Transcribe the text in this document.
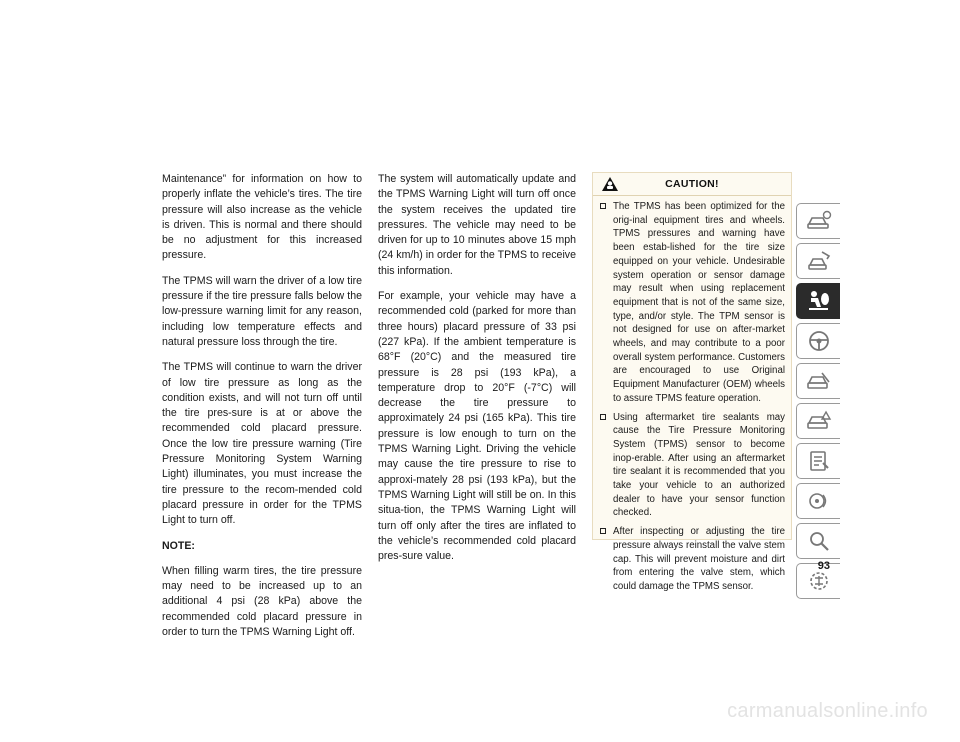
Maintenance” for information on how to properly inflate the vehicle’s tires. The tire pressure will also increase as the vehicle is driven. This is normal and there should be no adjustment for this increased pressure.

The TPMS will warn the driver of a low tire pressure if the tire pressure falls below the low-pressure warning limit for any reason, including low temperature effects and natural pressure loss through the tire.

The TPMS will continue to warn the driver of low tire pressure as long as the condition exists, and will not turn off until the tire pres-sure is at or above the recommended cold placard pressure. Once the low tire pressure warning (Tire Pressure Monitoring System Warning Light) illuminates, you must increase the tire pressure to the recom-mended cold placard pressure in order for the TPMS Light to turn off.

NOTE:

When filling warm tires, the tire pressure may need to be increased up to an additional 4 psi (28 kPa) above the recommended cold placard pressure in order to turn the TPMS Warning Light off.

The system will automatically update and the TPMS Warning Light will turn off once the system receives the updated tire pressures. The vehicle may need to be driven for up to 10 minutes above 15 mph (24 km/h) in order for the TPMS to receive this information.

For example, your vehicle may have a recommended cold (parked for more than three hours) placard pressure of 33 psi (227 kPa). If the ambient temperature is 68°F (20°C) and the measured tire pressure is 28 psi (193 kPa), a temperature drop to 20°F (-7°C) will decrease the tire pressure to approximately 24 psi (165 kPa). This tire pressure is low enough to turn on the TPMS Warning Light. Driving the vehicle may cause the tire pressure to rise to approxi-mately 28 psi (193 kPa), but the TPMS Warning Light will still be on. In this situa-tion, the TPMS Warning Light will turn off only after the tires are inflated to the vehicle’s recommended cold placard pres-sure value.

CAUTION!
The TPMS has been optimized for the orig-inal equipment tires and wheels. TPMS pressures and warning have been estab-lished for the tire size equipped on your vehicle. Undesirable system operation or sensor damage may result when using replacement equipment that is not of the same size, type, and/or style. The TPM sensor is not designed for use on after-market wheels, and may contribute to a poor overall system performance. Customers are encouraged to use Original Equipment Manufacturer (OEM) wheels to assure TPMS feature operation.
Using aftermarket tire sealants may cause the Tire Pressure Monitoring System (TPMS) sensor to become inop-erable. After using an aftermarket tire sealant it is recommended that you take your vehicle to an authorized dealer to have your sensor function checked.
After inspecting or adjusting the tire pressure always reinstall the valve stem cap. This will prevent moisture and dirt from entering the valve stem, which could damage the TPMS sensor.
93
carmanualsonline.info
